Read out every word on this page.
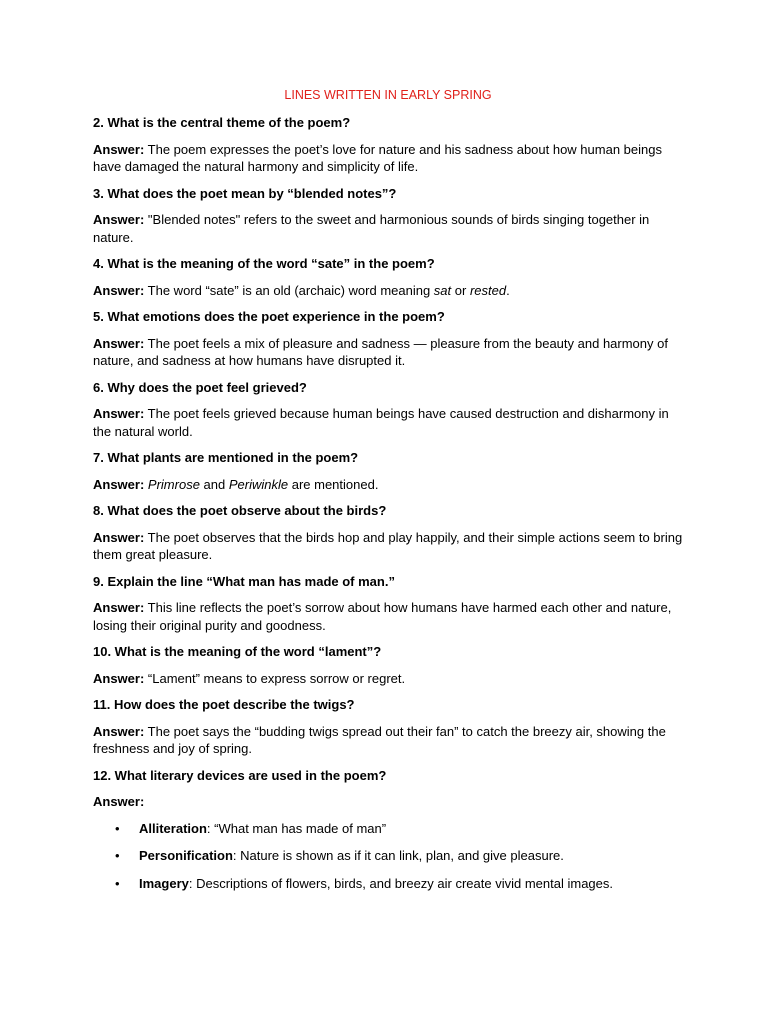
LINES WRITTEN IN EARLY SPRING

2. What is the central theme of the poem?

Answer: The poem expresses the poet’s love for nature and his sadness about how human beings have damaged the natural harmony and simplicity of life.

3. What does the poet mean by “blended notes”?

Answer: "Blended notes" refers to the sweet and harmonious sounds of birds singing together in nature.

4. What is the meaning of the word “sate” in the poem?

Answer: The word “sate” is an old (archaic) word meaning sat or rested.

5. What emotions does the poet experience in the poem?

Answer: The poet feels a mix of pleasure and sadness — pleasure from the beauty and harmony of nature, and sadness at how humans have disrupted it.

6. Why does the poet feel grieved?

Answer: The poet feels grieved because human beings have caused destruction and disharmony in the natural world.

7. What plants are mentioned in the poem?

Answer: Primrose and Periwinkle are mentioned.

8. What does the poet observe about the birds?

Answer: The poet observes that the birds hop and play happily, and their simple actions seem to bring them great pleasure.

9. Explain the line “What man has made of man.”

Answer: This line reflects the poet’s sorrow about how humans have harmed each other and nature, losing their original purity and goodness.

10. What is the meaning of the word “lament”?

Answer: “Lament” means to express sorrow or regret.

11. How does the poet describe the twigs?

Answer: The poet says the “budding twigs spread out their fan” to catch the breezy air, showing the freshness and joy of spring.

12. What literary devices are used in the poem?

Answer:

• Alliteration: “What man has made of man”
• Personification: Nature is shown as if it can link, plan, and give pleasure.
• Imagery: Descriptions of flowers, birds, and breezy air create vivid mental images.
